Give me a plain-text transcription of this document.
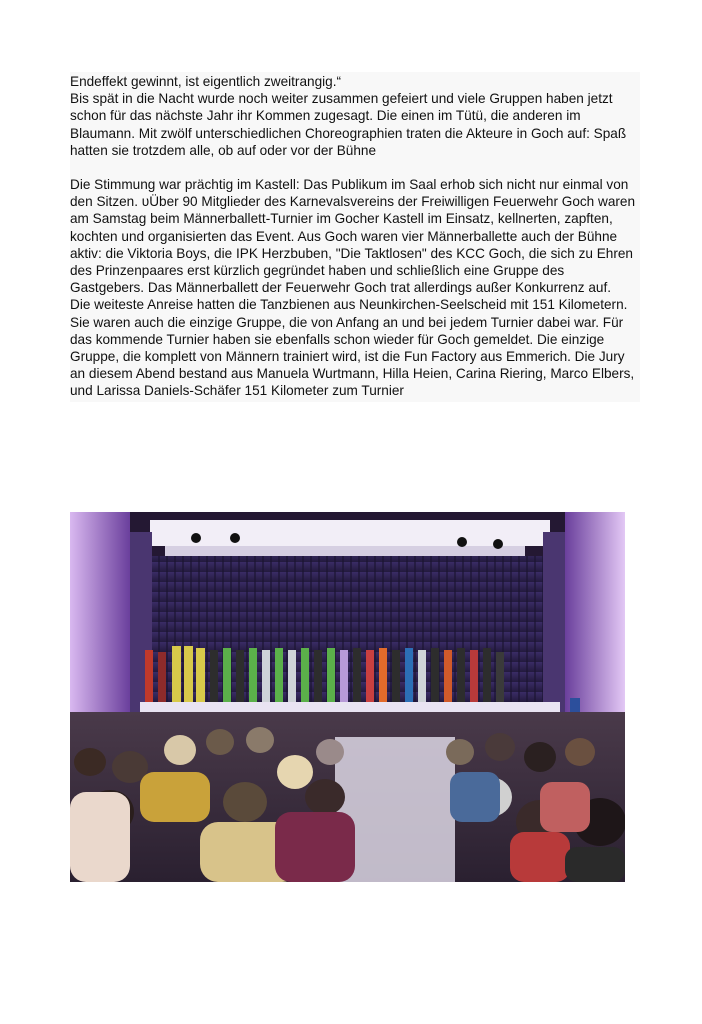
Endeffekt gewinnt, ist eigentlich zweitrangig.“

Bis spät in die Nacht wurde noch weiter zusammen gefeiert und viele Gruppen haben jetzt schon für das nächste Jahr ihr Kommen zugesagt. Die einen im Tütü, die anderen im Blaumann. Mit zwölf unterschiedlichen Choreographien traten die Akteure in Goch auf: Spaß hatten sie trotzdem alle, ob auf oder vor der Bühne

Die Stimmung war prächtig im Kastell: Das Publikum im Saal erhob sich nicht nur einmal von den Sitzen. υÜber 90 Mitglieder des Karnevalsvereins der Freiwilligen Feuerwehr Goch waren am Samstag beim Männerballett-Turnier im Gocher Kastell im Einsatz, kellnerten, zapften, kochten und organisierten das Event. Aus Goch waren vier Männerballette auch der Bühne aktiv: die Viktoria Boys, die IPK Herzbuben, "Die Taktlosen" des KCC Goch, die sich zu Ehren des Prinzenpaares erst kürzlich gegründet haben und schließlich eine Gruppe des Gastgebers. Das Männerballett der Feuerwehr Goch trat allerdings außer Konkurrenz auf.

Die weiteste Anreise hatten die Tanzbienen aus Neunkirchen-Seelscheid mit 151 Kilometern. Sie waren auch die einzige Gruppe, die von Anfang an und bei jedem Turnier dabei war. Für das kommende Turnier haben sie ebenfalls schon wieder für Goch gemeldet. Die einzige Gruppe, die komplett von Männern trainiert wird, ist die Fun Factory aus Emmerich. Die Jury an diesem Abend bestand aus Manuela Wurtmann, Hilla Heien, Carina Riering, Marco Elbers, und Larissa Daniels-Schäfer 151 Kilometer zum Turnier
